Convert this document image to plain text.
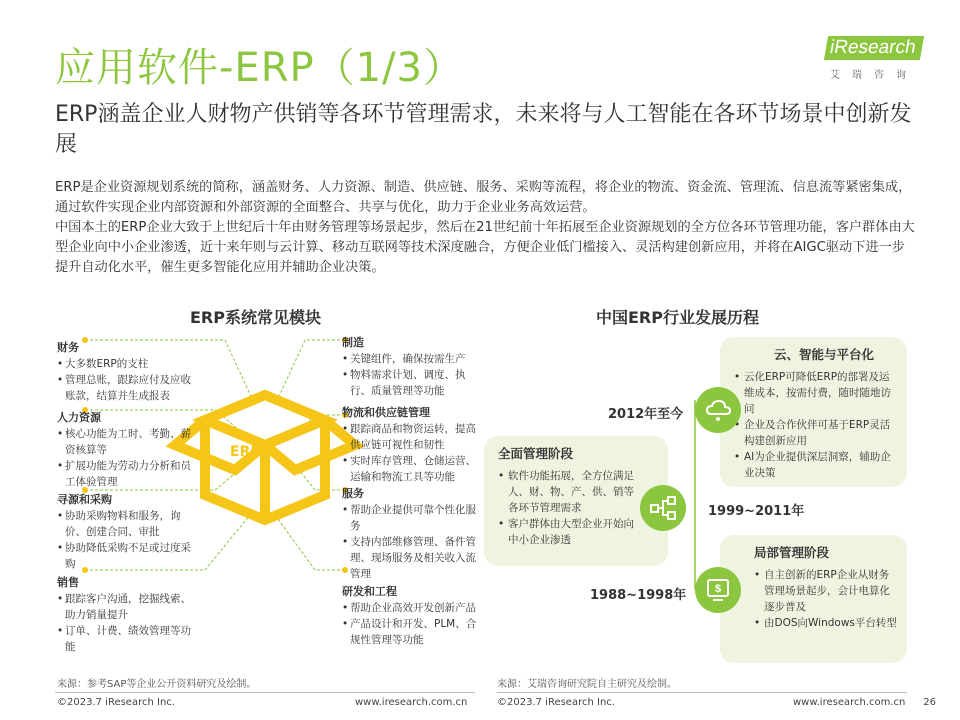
应用软件-ERP（1/3）	iResearch
艾瑞咨询
ERP涵盖企业人财物产供销等各环节管理需求，未来将与人工智能在各环节场景中创新发展

ERP是企业资源规划系统的简称，涵盖财务、人力资源、制造、供应链、服务、采购等流程，将企业的物流、资金流、管理流、信息流等紧密集成，通过软件实现企业内部资源和外部资源的全面整合、共享与优化，助力于企业业务高效运营。

中国本土的ERP企业大致于上世纪后十年由财务管理等场景起步，然后在21世纪前十年拓展至企业资源规划的全方位各环节管理功能，客户群体由大型企业向中小企业渗透，近十来年则与云计算、移动互联网等技术深度融合，方便企业低门槛接入、灵活构建创新应用，并将在AIGC驱动下进一步提升自动化水平，催生更多智能化应用并辅助企业决策。

ERP系统常见模块
ERP
财务
• 大多数ERP的支柱
• 管理总账，跟踪应付及应收账款，结算并生成报表
人力资源
• 核心功能为工时、考勤、薪资核算等
• 扩展功能为劳动力分析和员工体验管理
寻源和采购
• 协助采购物料和服务，询价、创建合同、审批
• 协助降低采购不足或过度采购
销售
• 跟踪客户沟通，挖掘线索、助力销量提升
• 订单、计费、绩效管理等功能
制造
• 关键组件，确保按需生产
• 物料需求计划、调度、执行、质量管理等功能
物流和供应链管理
• 跟踪商品和物资运转，提高供应链可视性和韧性
• 实时库存管理、仓储运营、运输和物流工具等功能
服务
• 帮助企业提供可靠个性化服务
• 支持内部维修管理、备件管理、现场服务及相关收入流管理
研发和工程
• 帮助企业高效开发创新产品
• 产品设计和开发、PLM、合规性管理等功能
中国ERP行业发展历程
云、智能与平台化
• 云化ERP可降低ERP的部署及运维成本，按需付费，随时随地访问
• 企业及合作伙伴可基于ERP灵活构建创新应用
• AI为企业提供深层洞察，辅助企业决策
2012年至今
全面管理阶段
• 软件功能拓展，全方位满足人、财、物、产、供、销等各环节管理需求
• 客户群体由大型企业开始向中小企业渗透
1999~2011年
局部管理阶段
• 自主创新的ERP企业从财务管理场景起步，会计电算化逐步普及
• 由DOS向Windows平台转型
1988~1998年	$
来源：参考SAP等企业公开资料研究及绘制。	来源：艾瑞咨询研究院自主研究及绘制。
©2023.7 iResearch Inc.	www.iresearch.com.cn	©2023.7 iResearch Inc.	www.iresearch.com.cn 26
